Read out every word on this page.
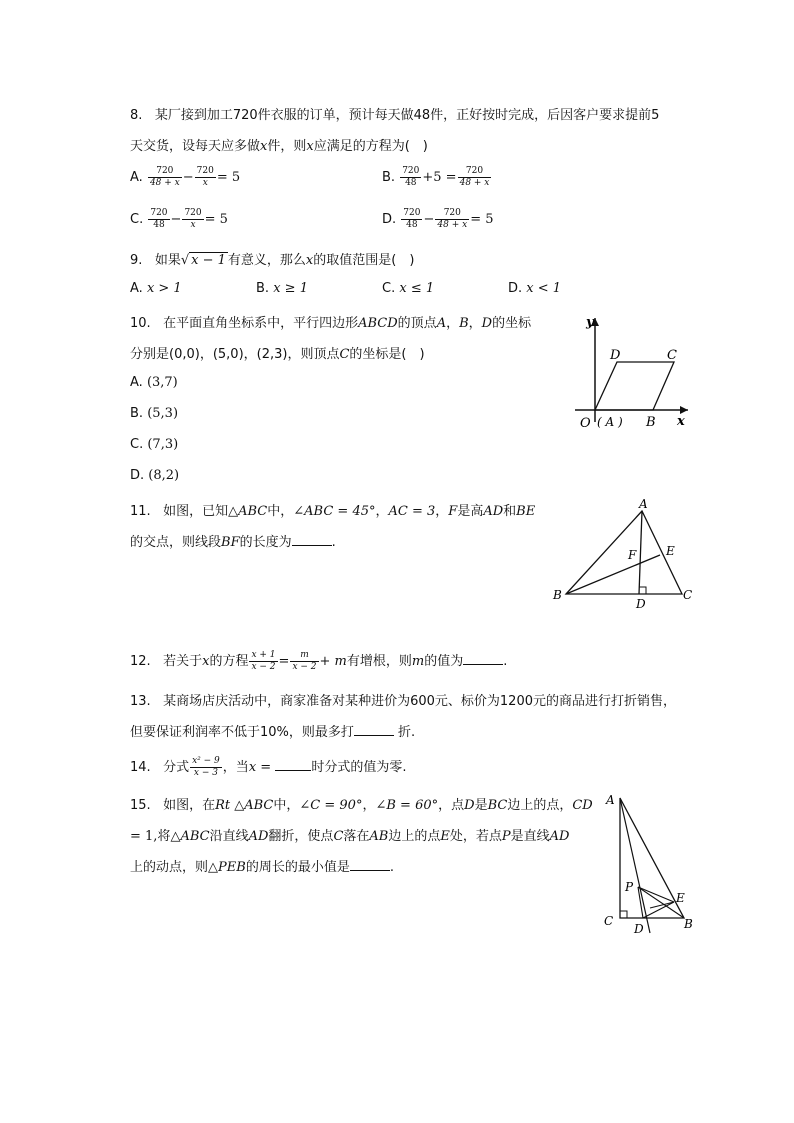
8. 某厂接到加工720件衣服的订单，预计每天做48件，正好按时完成，后因客户要求提前5
天交货，设每天应多做x件，则x应满足的方程为(　)
A. $\frac{720}{48 + x} - \frac{720}{x} = 5$	B. $\frac{720}{48} +5 = \frac{720}{48 + x}$
C. $\frac{720}{48} - \frac{720}{x} = 5$	D. $\frac{720}{48} - \frac{720}{48 + x} = 5$
9. 如果√ x − 1 有意义，那么x的取值范围是(　)
A. x > 1	B. x ≥ 1	C. x ≤ 1	D. x < 1
10. 在平面直角坐标系中，平行四边形ABCD的顶点A，B，D的坐标
分别是(0,0)，(5,0)，(2,3)，则顶点C的坐标是(　)
A. (3,7)
B. (5,3)
C. (7,3)
D. (8,2)
y
x
D	C
O ( A ) B
11. 如图，已知△ABC中，∠ABC = 45°，AC = 3，F是高AD和BE
的交点，则线段BF的长度为	.
A
B	C
D
E
F
12. 若关于x的方程 $\frac{x + 1}{x - 2} = \frac{m}{x - 2} + m$有增根，则m的值为	.
13. 某商场店庆活动中，商家准备对某种进价为600元、标价为1200元的商品进行打折销售，
但要保证利润率不低于10%，则最多打	折.
14. 分式 $\frac{\text{x² − 9}}{x - 3}$ ，当x =	时分式的值为零.
15. 如图，在Rt △ABC中，∠C = 90°，∠B = 60°，点D是BC边上的点，CD
= 1,将△ABC沿直线AD翻折，使点C落在AB边上的点E处，若点P是直线AD
上的动点，则△PEB的周长的最小值是	.
A
C
D	B
E
P
